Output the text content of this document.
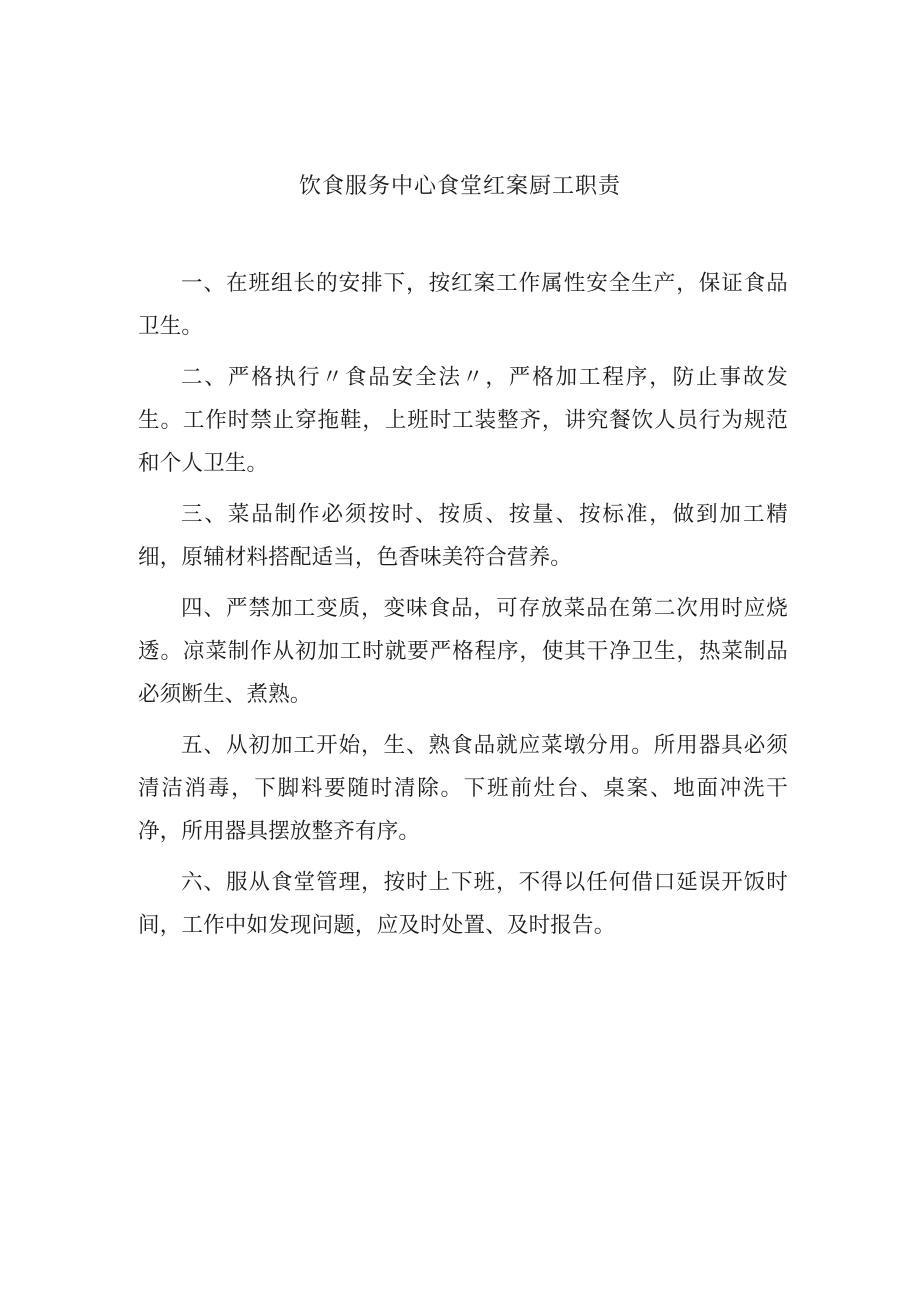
饮食服务中心食堂红案厨工职责

一、在班组长的安排下，按红案工作属性安全生产，保证食品卫生。

二、严格执行〃食品安全法〃，严格加工程序，防止事故发生。工作时禁止穿拖鞋，上班时工装整齐，讲究餐饮人员行为规范和个人卫生。

三、菜品制作必须按时、按质、按量、按标准，做到加工精细，原辅材料搭配适当，色香味美符合营养。

四、严禁加工变质，变味食品，可存放菜品在第二次用时应烧透。凉菜制作从初加工时就要严格程序，使其干净卫生，热菜制品必须断生、煮熟。

五、从初加工开始，生、熟食品就应菜墩分用。所用器具必须清洁消毒，下脚料要随时清除。下班前灶台、桌案、地面冲洗干净，所用器具摆放整齐有序。

六、服从食堂管理，按时上下班，不得以任何借口延误开饭时间，工作中如发现问题，应及时处置、及时报告。
